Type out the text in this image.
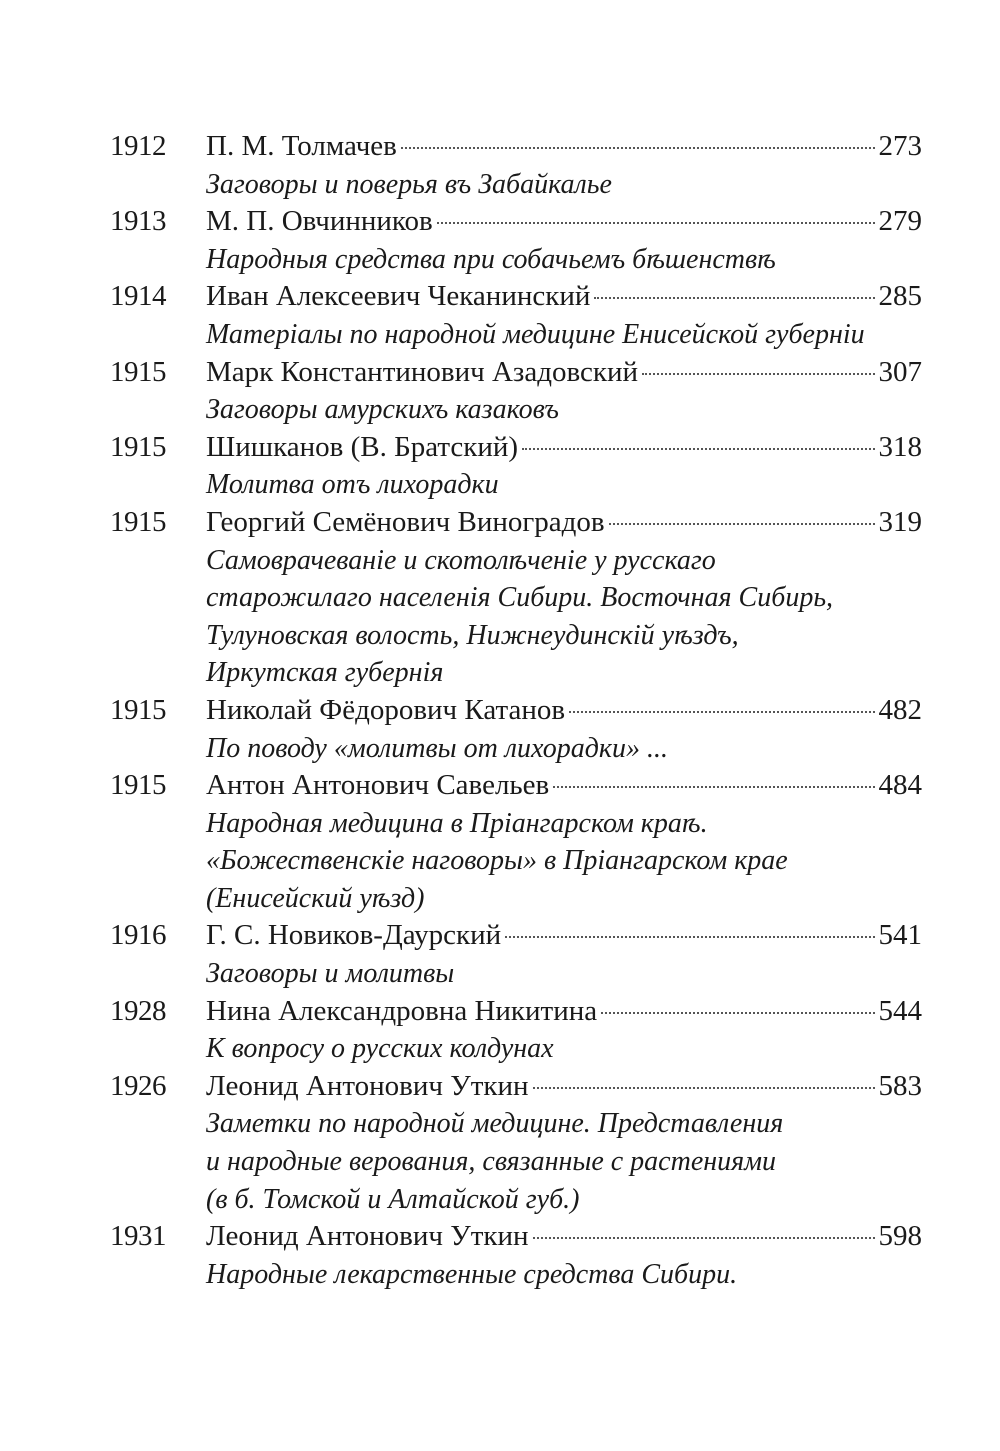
1912	П. М. Толмачев	273
Заговоры и поверья въ Забайкалье
1913	М. П. Овчинников	279
Народныя средства при собачьемъ бѣшенствѣ
1914	Иван Алексеевич Чеканинский	285
Матеріалы по народной медицине Енисейской губерніи
1915	Марк Константинович Азадовский	307
Заговоры амурскихъ казаковъ
1915	Шишканов (В. Братский)	318
Молитва отъ лихорадки
1915	Георгий Семёнович Виноградов	319
Самоврачеваніе и скотолѣченіе у русскаго
старожилаго населенія Сибири. Восточная Сибирь,
Тулуновская волость, Нижнеудинскій уѣздъ,
Иркутская губернія
1915	Николай Фёдорович Катанов	482
По поводу «молитвы от лихорадки» ...
1915	Антон Антонович Савельев	484
Народная медицина в Пріангарском краѣ.
«Божественскіе наговоры» в Пріангарском крае
(Енисейский уѣзд)
1916	Г. С. Новиков-Даурский	541
Заговоры и молитвы
1928	Нина Александровна Никитина	544
К вопросу о русских колдунах
1926	Леонид Антонович Уткин	583
Заметки по народной медицине. Представления
и народные верования, связанные с растениями
(в б. Томской и Алтайской губ.)
1931	Леонид Антонович Уткин	598
Народные лекарственные средства Сибири.
